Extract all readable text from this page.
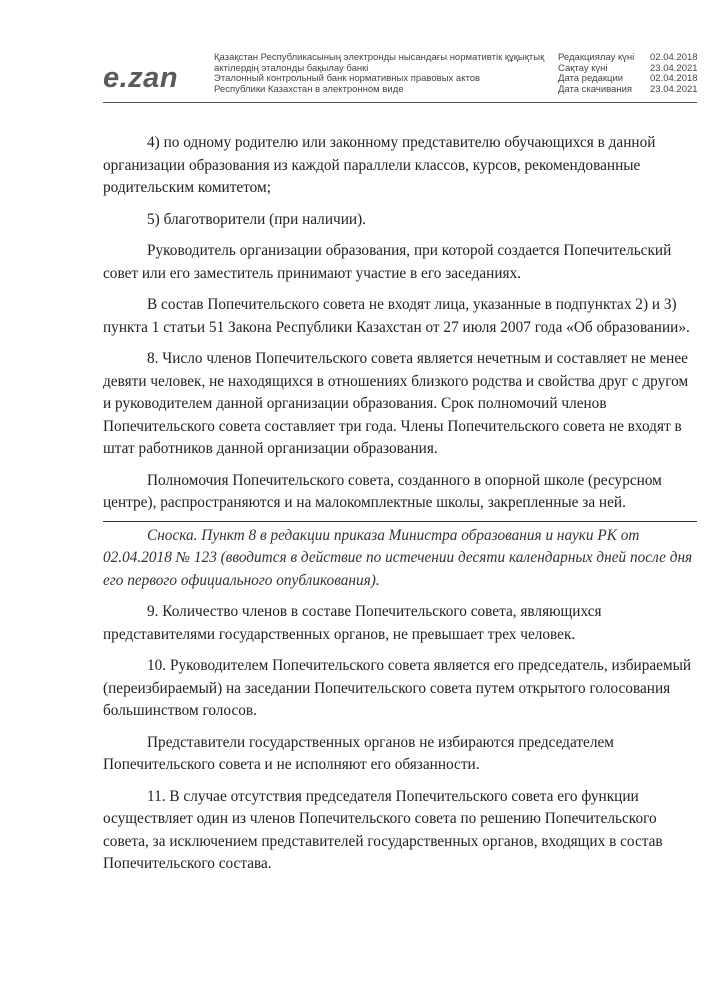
e.zan
Қазақстан Республикасының электронды нысандағы нормативтік құқықтық
актілердің эталонды бақылау банкі
Эталонный контрольный банк нормативных правовых актов
Республики Казахстан в электронном виде
Редакциялау күні	02.04.2018
Сақтау күні	23.04.2021
Дата редакции	02.04.2018
Дата скачивания	23.04.2021

4) по одному родителю или законному представителю обучающихся в данной организации образования из каждой параллели классов, курсов, рекомендованные родительским комитетом;

5) благотворители (при наличии).

Руководитель организации образования, при которой создается Попечительский совет или его заместитель принимают участие в его заседаниях.

В состав Попечительского совета не входят лица, указанные в подпунктах 2) и 3) пункта 1 статьи 51 Закона Республики Казахстан от 27 июля 2007 года «Об образовании».

8. Число членов Попечительского совета является нечетным и составляет не менее девяти человек, не находящихся в отношениях близкого родства и свойства друг с другом и руководителем данной организации образования. Срок полномочий членов Попечительского совета составляет три года. Члены Попечительского совета не входят в штат работников данной организации образования.

Полномочия Попечительского совета, созданного в опорной школе (ресурсном центре), распространяются и на малокомплектные школы, закрепленные за ней.

Сноска. Пункт 8 в редакции приказа Министра образования и науки РК от 02.04.2018 № 123 (вводится в действие по истечении десяти календарных дней после дня его первого официального опубликования).

9. Количество членов в составе Попечительского совета, являющихся представителями государственных органов, не превышает трех человек.

10. Руководителем Попечительского совета является его председатель, избираемый (переизбираемый) на заседании Попечительского совета путем открытого голосования большинством голосов.

Представители государственных органов не избираются председателем Попечительского совета и не исполняют его обязанности.

11. В случае отсутствия председателя Попечительского совета его функции осуществляет один из членов Попечительского совета по решению Попечительского совета, за исключением представителей государственных органов, входящих в состав Попечительского состава.
